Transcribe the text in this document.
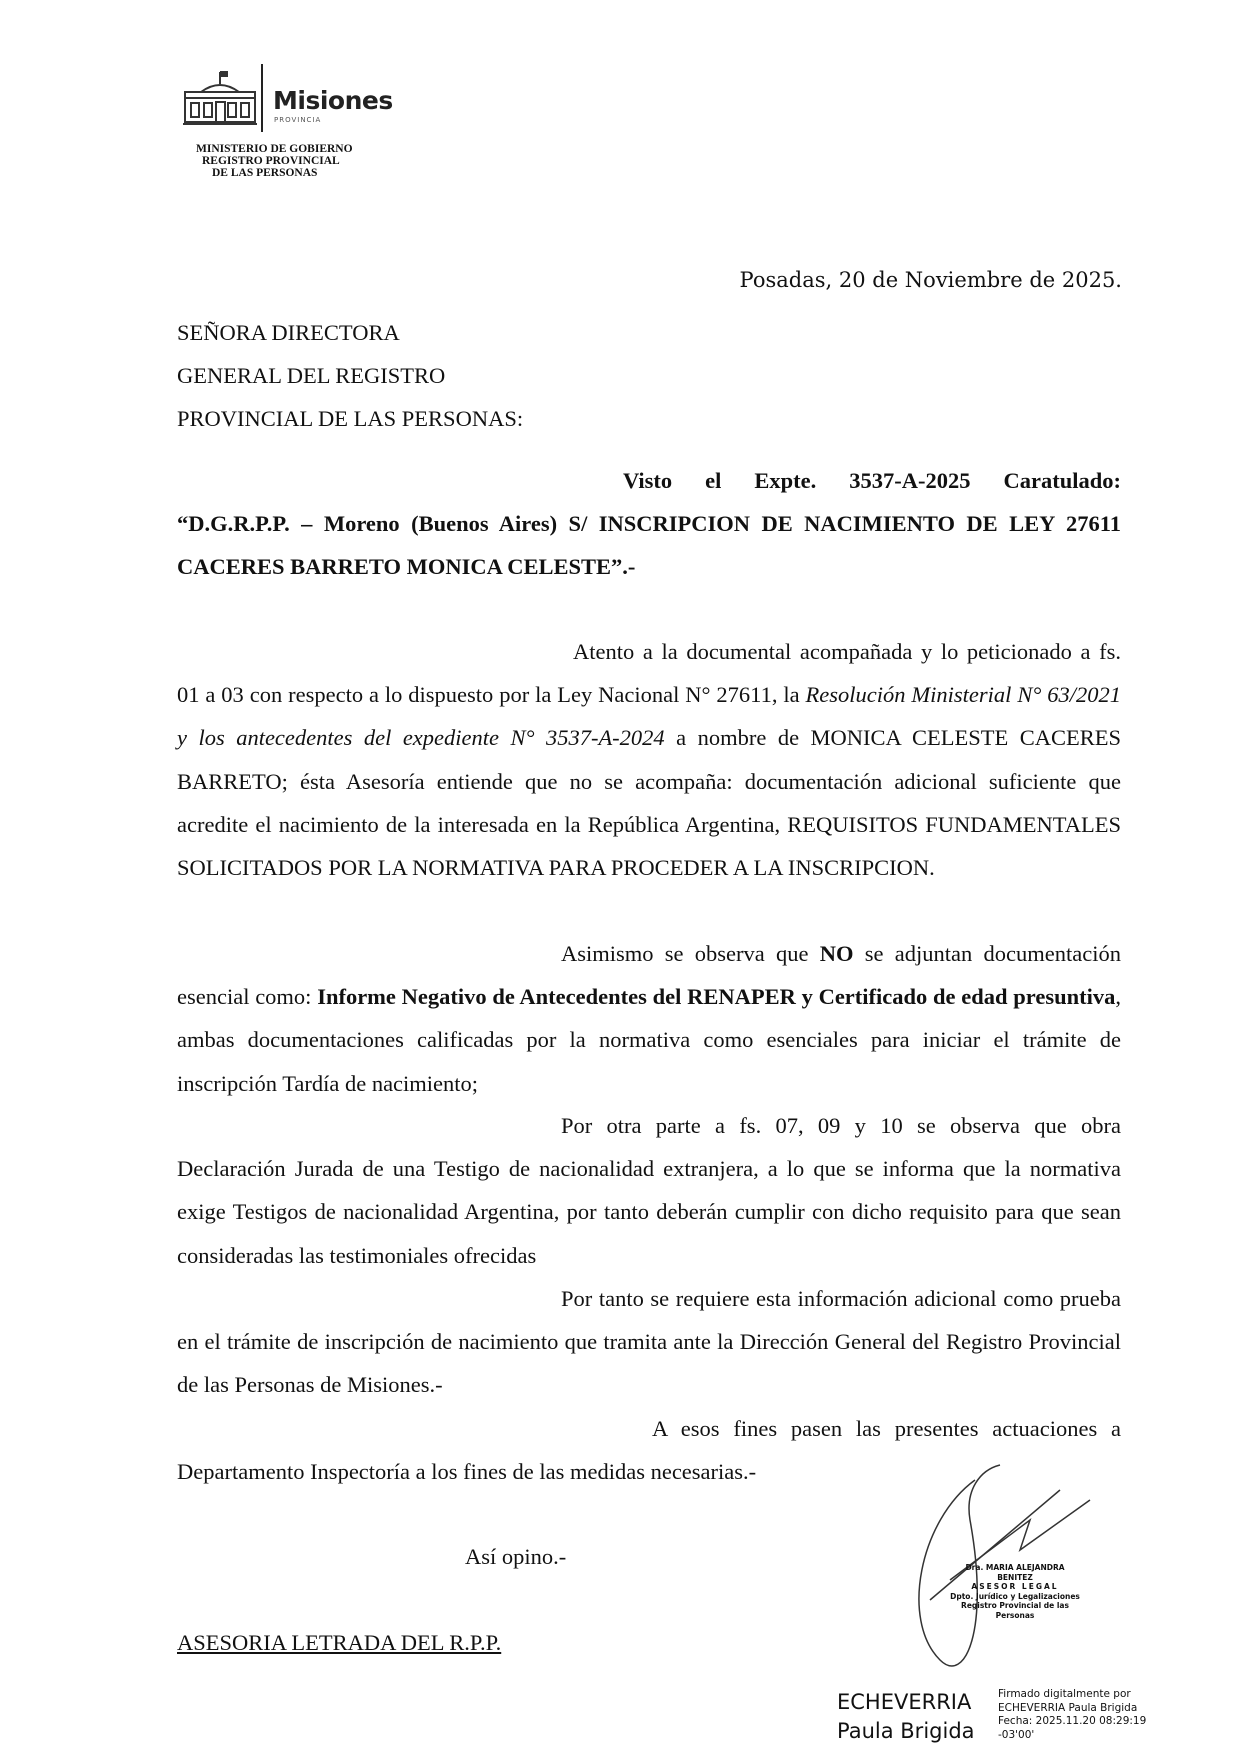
Misiones
PROVINCIA
MINISTERIO DE GOBIERNO
REGISTRO PROVINCIAL
DE LAS PERSONAS
Posadas, 20 de Noviembre de 2025.
SEÑORA DIRECTORA
GENERAL DEL REGISTRO
PROVINCIAL DE LAS PERSONAS:
Visto el Expte. 3537-A-2025 Caratulado: “D.G.R.P.P. – Moreno (Buenos Aires) S/ INSCRIPCION DE NACIMIENTO DE LEY 27611 CACERES BARRETO MONICA CELESTE”.-
Atento a la documental acompañada y lo peticionado a fs. 01 a 03 con respecto a lo dispuesto por la Ley Nacional N° 27611, la Resolución Ministerial N° 63/2021 y los antecedentes del expediente N° 3537-A-2024 a nombre de MONICA CELESTE CACERES BARRETO; ésta Asesoría entiende que no se acompaña: documentación adicional suficiente que acredite el nacimiento de la interesada en la República Argentina, REQUISITOS FUNDAMENTALES SOLICITADOS POR LA NORMATIVA PARA PROCEDER A LA INSCRIPCION.
Asimismo se observa que NO se adjuntan documentación esencial como: Informe Negativo de Antecedentes del RENAPER y Certificado de edad presuntiva, ambas documentaciones calificadas por la normativa como esenciales para iniciar el trámite de inscripción Tardía de nacimiento;
Por otra parte a fs. 07, 09 y 10 se observa que obra Declaración Jurada de una Testigo de nacionalidad extranjera, a lo que se informa que la normativa exige Testigos de nacionalidad Argentina, por tanto deberán cumplir con dicho requisito para que sean consideradas las testimoniales ofrecidas
Por tanto se requiere esta información adicional como prueba en el trámite de inscripción de nacimiento que tramita ante la Dirección General del Registro Provincial de las Personas de Misiones.-
A esos fines pasen las presentes actuaciones a Departamento Inspectoría a los fines de las medidas necesarias.-
Así opino.-
ASESORIA LETRADA DEL R.P.P.
Dra. MARIA ALEJANDRA BENITEZ
ASESOR LEGAL
Dpto. Jurídico y Legalizaciones
Registro Provincial de las Personas
ECHEVERRIA
Paula Brigida
Firmado digitalmente por
ECHEVERRIA Paula Brigida
Fecha: 2025.11.20 08:29:19
-03'00'
